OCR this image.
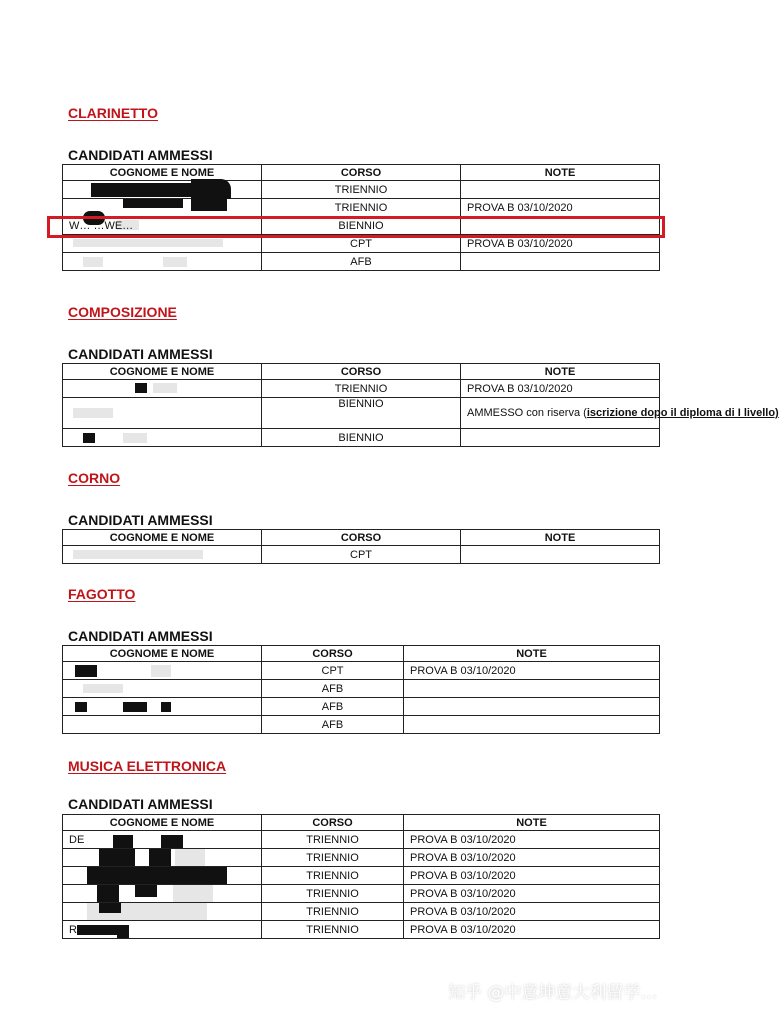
CLARINETTO
CANDIDATI AMMESSI
COGNOME E NOME	CORSO	NOTE

	TRIENNIO	

	TRIENNIO	PROVA B 03/10/2020
W… …WE…	BIENNIO	

	CPT	PROVA B 03/10/2020

	AFB	
COMPOSIZIONE
CANDIDATI AMMESSI
COGNOME E NOME	CORSO	NOTE

	TRIENNIO	PROVA B 03/10/2020

	BIENNIO	AMMESSO con riserva (iscrizione dopo il diploma di I livello)

	BIENNIO	
CORNO
CANDIDATI AMMESSI
COGNOME E NOME	CORSO	NOTE

	CPT	
FAGOTTO
CANDIDATI AMMESSI
COGNOME E NOME	CORSO	NOTE

	CPT	PROVA B 03/10/2020

	AFB	

	AFB	
	AFB	
MUSICA ELETTRONICA
CANDIDATI AMMESSI
COGNOME E NOME	CORSO	NOTE
DE	TRIENNIO	PROVA B 03/10/2020

	TRIENNIO	PROVA B 03/10/2020

	TRIENNIO	PROVA B 03/10/2020

	TRIENNIO	PROVA B 03/10/2020

	TRIENNIO	PROVA B 03/10/2020
R	TRIENNIO	PROVA B 03/10/2020
知乎 @中意坤意大利留学…
